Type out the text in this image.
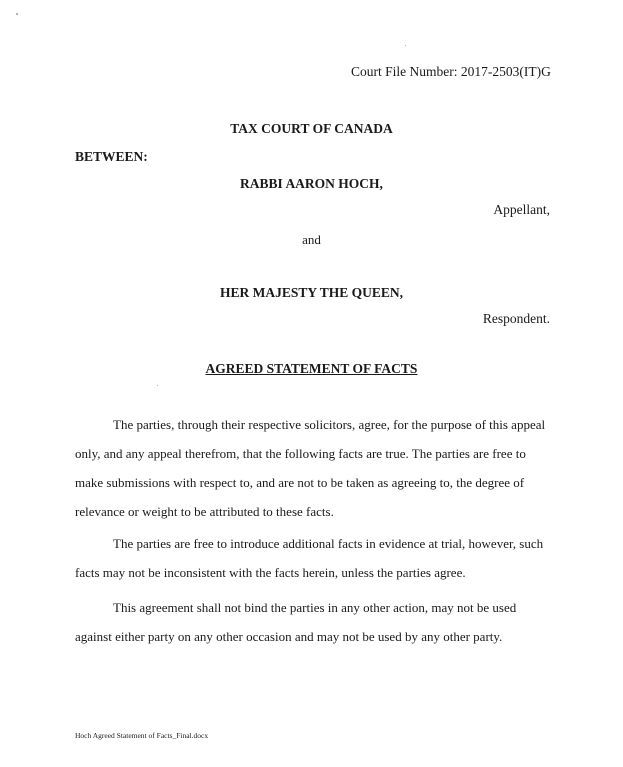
Court File Number: 2017-2503(IT)G
TAX COURT OF CANADA
BETWEEN:
RABBI AARON HOCH,
Appellant,
and
HER MAJESTY THE QUEEN,
Respondent.
AGREED STATEMENT OF FACTS
The parties, through their respective solicitors, agree, for the purpose of this appeal only, and any appeal therefrom, that the following facts are true. The parties are free to make submissions with respect to, and are not to be taken as agreeing to, the degree of relevance or weight to be attributed to these facts.
The parties are free to introduce additional facts in evidence at trial, however, such facts may not be inconsistent with the facts herein, unless the parties agree.
This agreement shall not bind the parties in any other action, may not be used against either party on any other occasion and may not be used by any other party.
Hoch Agreed Statement of Facts_Final.docx
